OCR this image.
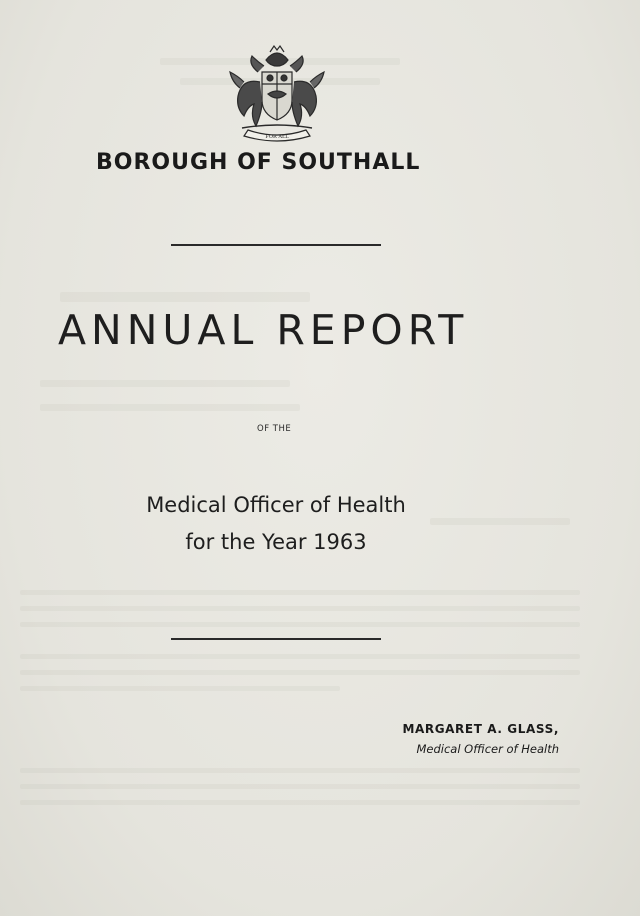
FOR ALL
BOROUGH OF SOUTHALL
ANNUAL REPORT
OF THE
Medical Officer of Health
for the Year 1963
MARGARET A. GLASS,
Medical Officer of Health
